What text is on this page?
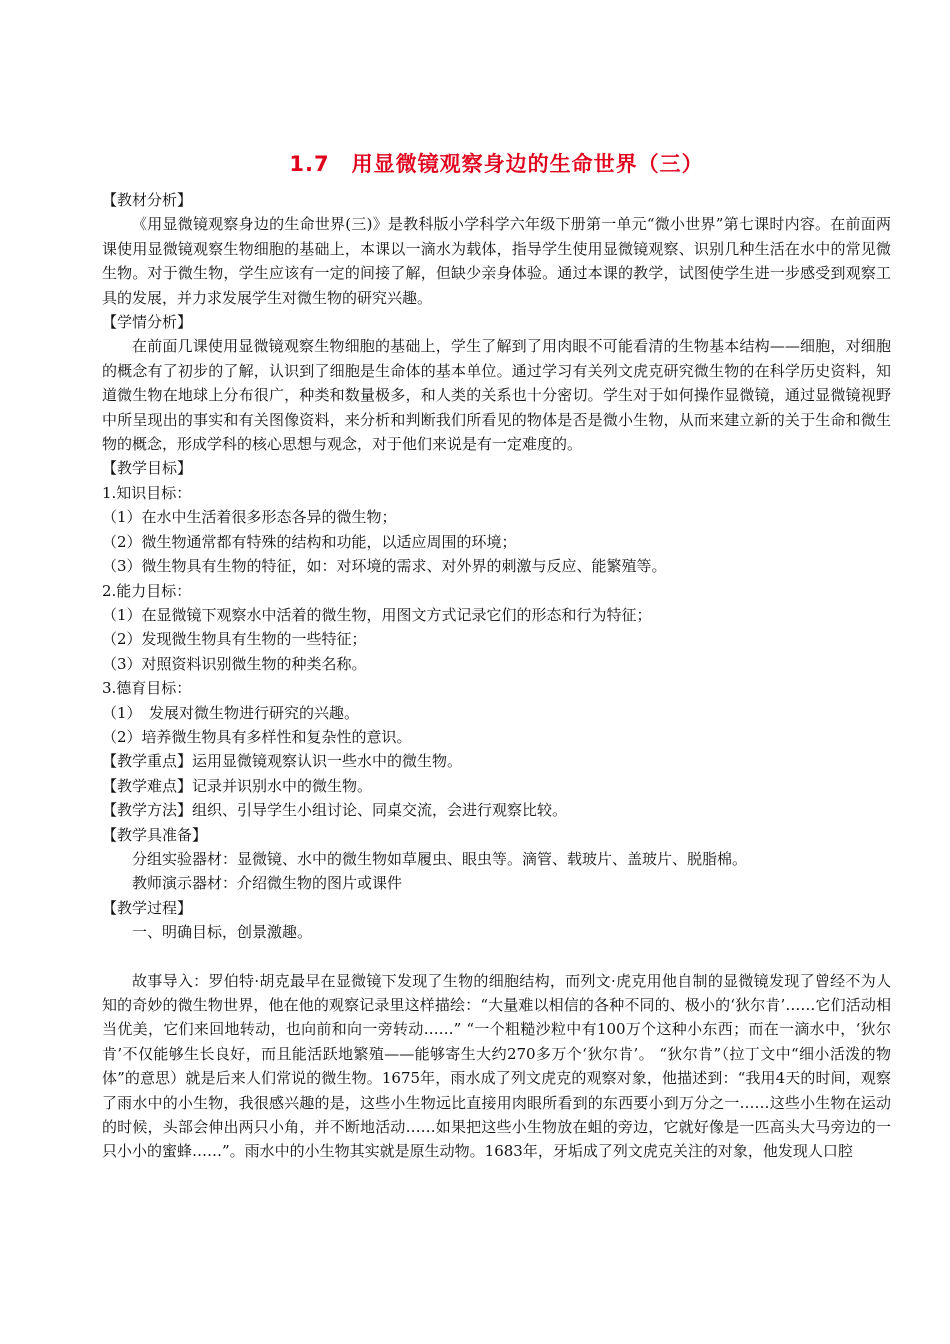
1.7　用显微镜观察身边的生命世界（三）

【教材分析】

《用显微镜观察身边的生命世界(三)》是教科版小学科学六年级下册第一单元“微小世界”第七课时内容。在前面两课使用显微镜观察生物细胞的基础上，本课以一滴水为载体，指导学生使用显微镜观察、识别几种生活在水中的常见微生物。对于微生物，学生应该有一定的间接了解，但缺少亲身体验。通过本课的教学，试图使学生进一步感受到观察工具的发展，并力求发展学生对微生物的研究兴趣。

【学情分析】

在前面几课使用显微镜观察生物细胞的基础上，学生了解到了用肉眼不可能看清的生物基本结构——细胞，对细胞的概念有了初步的了解，认识到了细胞是生命体的基本单位。通过学习有关列文虎克研究微生物的在科学历史资料，知道微生物在地球上分布很广，种类和数量极多，和人类的关系也十分密切。学生对于如何操作显微镜，通过显微镜视野中所呈现出的事实和有关图像资料，来分析和判断我们所看见的物体是否是微小生物，从而来建立新的关于生命和微生物的概念，形成学科的核心思想与观念，对于他们来说是有一定难度的。

【教学目标】

1.知识目标：

（1）在水中生活着很多形态各异的微生物；

（2）微生物通常都有特殊的结构和功能，以适应周围的环境；

（3）微生物具有生物的特征，如：对环境的需求、对外界的刺激与反应、能繁殖等。

2.能力目标：

（1）在显微镜下观察水中活着的微生物，用图文方式记录它们的形态和行为特征；

（2）发现微生物具有生物的一些特征；

（3）对照资料识别微生物的种类名称。

3.德育目标：

（1）　发展对微生物进行研究的兴趣。

（2）培养微生物具有多样性和复杂性的意识。

【教学重点】运用显微镜观察认识一些水中的微生物。

【教学难点】记录并识别水中的微生物。

【教学方法】组织、引导学生小组讨论、同桌交流，会进行观察比较。

【教学具准备】

分组实验器材：显微镜、水中的微生物如草履虫、眼虫等。滴管、载玻片、盖玻片、脱脂棉。

教师演示器材：介绍微生物的图片或课件

【教学过程】

一、明确目标，创景激趣。

故事导入：罗伯特·胡克最早在显微镜下发现了生物的细胞结构，而列文·虎克用他自制的显微镜发现了曾经不为人知的奇妙的微生物世界，他在他的观察记录里这样描绘：“大量难以相信的各种不同的、极小的‘狄尔肯’……它们活动相当优美，它们来回地转动，也向前和向一旁转动……” “一个粗糙沙粒中有100万个这种小东西；而在一滴水中，‘狄尔肯’不仅能够生长良好，而且能活跃地繁殖——能够寄生大约270多万个‘狄尔肯’。 “狄尔肯”（拉丁文中“细小活泼的物体”的意思）就是后来人们常说的微生物。1675年，雨水成了列文虎克的观察对象，他描述到：“我用4天的时间，观察了雨水中的小生物，我很感兴趣的是，这些小生物远比直接用肉眼所看到的东西要小到万分之一……这些小生物在运动的时候，头部会伸出两只小角，并不断地活动……如果把这些小生物放在蛆的旁边，它就好像是一匹高头大马旁边的一只小小的蜜蜂……”。雨水中的小生物其实就是原生动物。1683年，牙垢成了列文虎克关注的对象，他发现人口腔
